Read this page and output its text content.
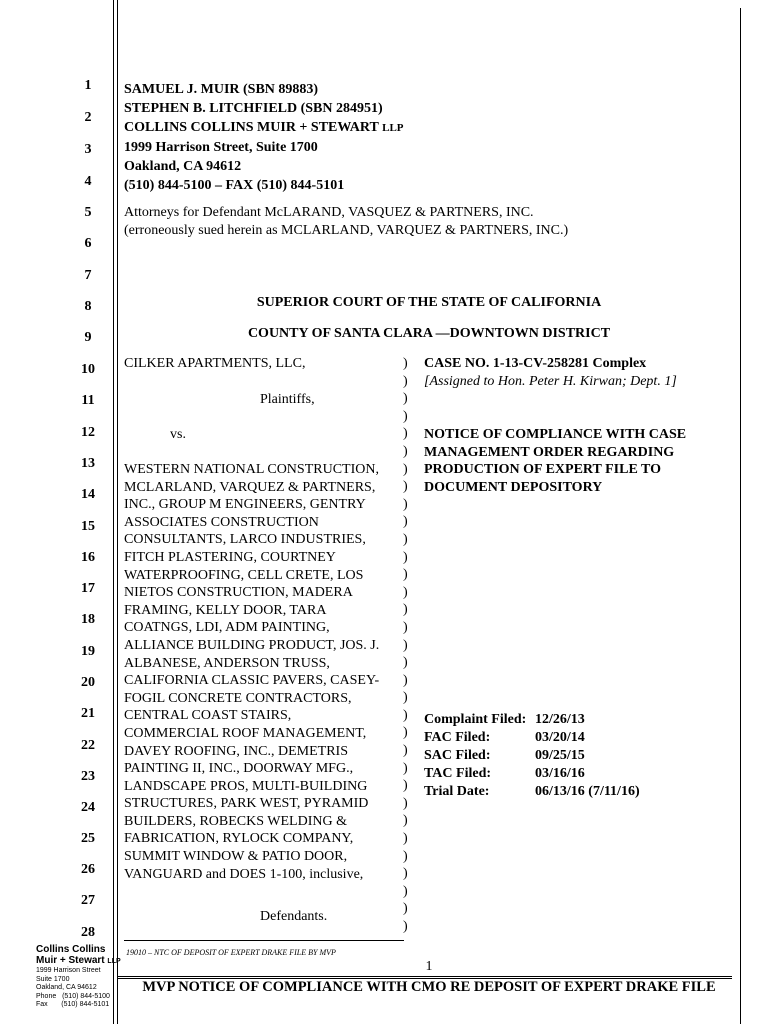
1
2
3
4
5
6
7
8
9
10
11
12
13
14
15
16
17
18
19
20
21
22
23
24
25
26
27
28
SAMUEL J. MUIR (SBN 89883)
STEPHEN B. LITCHFIELD (SBN 284951)
COLLINS COLLINS MUIR + STEWART LLP
1999 Harrison Street, Suite 1700
Oakland, CA 94612
(510) 844-5100 – FAX (510) 844-5101
Attorneys for Defendant McLARAND, VASQUEZ & PARTNERS, INC.
(erroneously sued herein as MCLARLAND, VARQUEZ & PARTNERS, INC.)
SUPERIOR COURT OF THE STATE OF CALIFORNIA
COUNTY OF SANTA CLARA —DOWNTOWN DISTRICT
CILKER APARTMENTS, LLC,
Plaintiffs,
vs.
WESTERN NATIONAL CONSTRUCTION,
MCLARLAND, VARQUEZ & PARTNERS,
INC., GROUP M ENGINEERS, GENTRY
ASSOCIATES CONSTRUCTION
CONSULTANTS, LARCO INDUSTRIES,
FITCH PLASTERING, COURTNEY
WATERPROOFING, CELL CRETE, LOS
NIETOS CONSTRUCTION, MADERA
FRAMING, KELLY DOOR, TARA
COATNGS, LDI, ADM PAINTING,
ALLIANCE BUILDING PRODUCT, JOS. J.
ALBANESE, ANDERSON TRUSS,
CALIFORNIA CLASSIC PAVERS, CASEY-
FOGIL CONCRETE CONTRACTORS,
CENTRAL COAST STAIRS,
COMMERCIAL ROOF MANAGEMENT,
DAVEY ROOFING, INC., DEMETRIS
PAINTING II, INC., DOORWAY MFG.,
LANDSCAPE PROS, MULTI-BUILDING
STRUCTURES, PARK WEST, PYRAMID
BUILDERS, ROBECKS WELDING &
FABRICATION, RYLOCK COMPANY,
SUMMIT WINDOW & PATIO DOOR,
VANGUARD and DOES 1-100, inclusive,
Defendants.
)
)
)
)
)
)
)
)
)
)
)
)
)
)
)
)
)
)
)
)
)
)
)
)
)
)
)
)
)
)
)
)
)
CASE NO. 1-13-CV-258281 Complex
[Assigned to Hon. Peter H. Kirwan; Dept. 1]
NOTICE OF COMPLIANCE WITH CASE
MANAGEMENT ORDER REGARDING
PRODUCTION OF EXPERT FILE TO
DOCUMENT DEPOSITORY
Complaint Filed: 12/26/13
FAC Filed:	03/20/14
SAC Filed:	09/25/15
TAC Filed:	03/16/16
Trial Date:	06/13/16 (7/11/16)
19010 – NTC OF DEPOSIT OF EXPERT DRAKE FILE BY MVP
1
MVP NOTICE OF COMPLIANCE WITH CMO RE DEPOSIT OF EXPERT DRAKE FILE
Collins Collins
Muir + Stewart LLP
1999 Harrison Street
Suite 1700
Oakland, CA 94612
Phone   (510) 844-5100
Fax       (510) 844-5101
